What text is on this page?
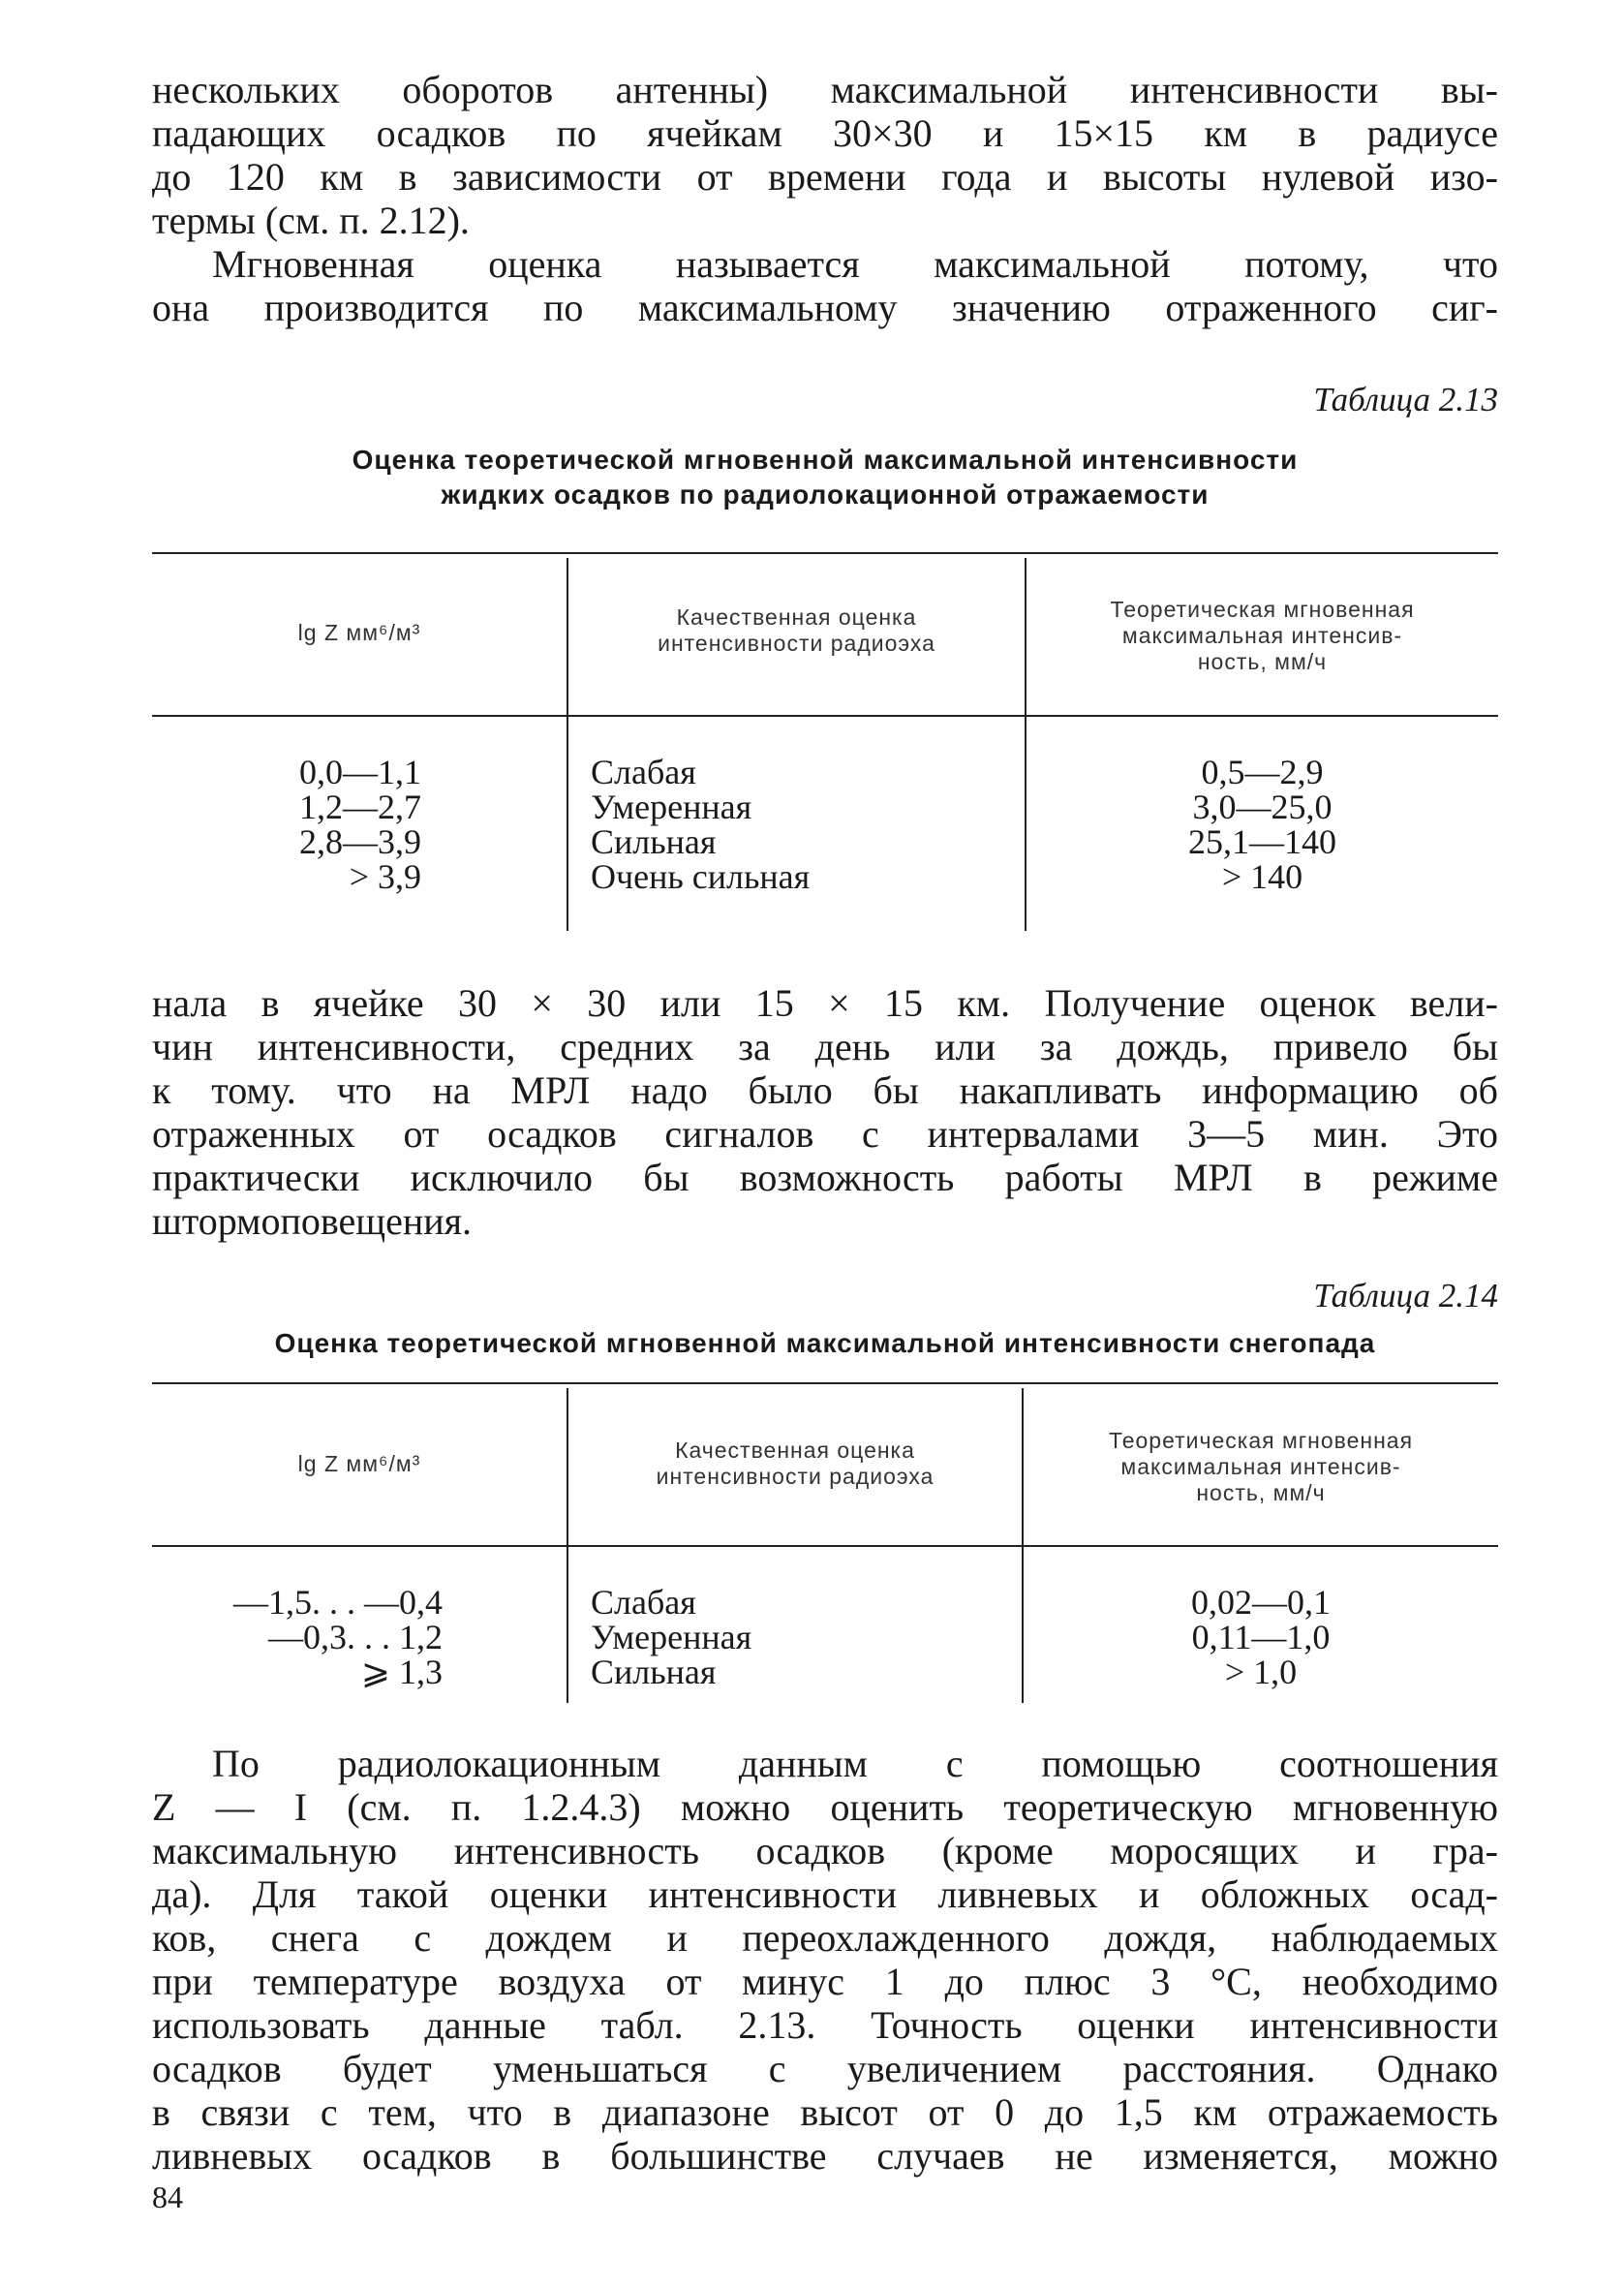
нескольких оборотов антенны) максимальной интенсивности вы-
падающих осадков по ячейкам 30×30 и 15×15 км в радиусе
до 120 км в зависимости от времени года и высоты нулевой изо-
термы (см. п. 2.12).
Мгновенная оценка называется максимальной потому, что
она производится по максимальному значению отраженного сиг-
Таблица 2.13
Оценка теоретической мгновенной максимальной интенсивности
жидких осадков по радиолокационной отражаемости
lg Z мм⁶/м³
Качественная оценка
интенсивности радиоэха
Теоретическая мгновенная
максимальная интенсив-
ность, мм/ч
0,0—1,1
1,2—2,7
2,8—3,9
> 3,9
Слабая
Умеренная
Сильная
Очень сильная
0,5—2,9
3,0—25,0
25,1—140
> 140
нала в ячейке 30 × 30 или 15 × 15 км. Получение оценок вели-
чин интенсивности, средних за день или за дождь, привело бы
к тому. что на МРЛ надо было бы накапливать информацию об
отраженных от осадков сигналов с интервалами 3—5 мин. Это
практически исключило бы возможность работы МРЛ в режиме
штормоповещения.
Таблица 2.14
Оценка теоретической мгновенной максимальной интенсивности снегопада
lg Z мм⁶/м³
Качественная оценка
интенсивности радиоэха
Теоретическая мгновенная
максимальная интенсив-
ность, мм/ч
—1,5. . . —0,4
—0,3. . . 1,2
⩾ 1,3
Слабая
Умеренная
Сильная
0,02—0,1
0,11—1,0
> 1,0
По радиолокационным данным с помощью соотношения
Z — I (см. п. 1.2.4.3) можно оценить теоретическую мгновенную
максимальную интенсивность осадков (кроме моросящих и гра-
да). Для такой оценки интенсивности ливневых и обложных осад-
ков, снега с дождем и переохлажденного дождя, наблюдаемых
при температуре воздуха от минус 1 до плюс 3 °С, необходимо
использовать данные табл. 2.13. Точность оценки интенсивности
осадков будет уменьшаться с увеличением расстояния. Однако
в связи с тем, что в диапазоне высот от 0 до 1,5 км отражаемость
ливневых осадков в большинстве случаев не изменяется, можно
84
